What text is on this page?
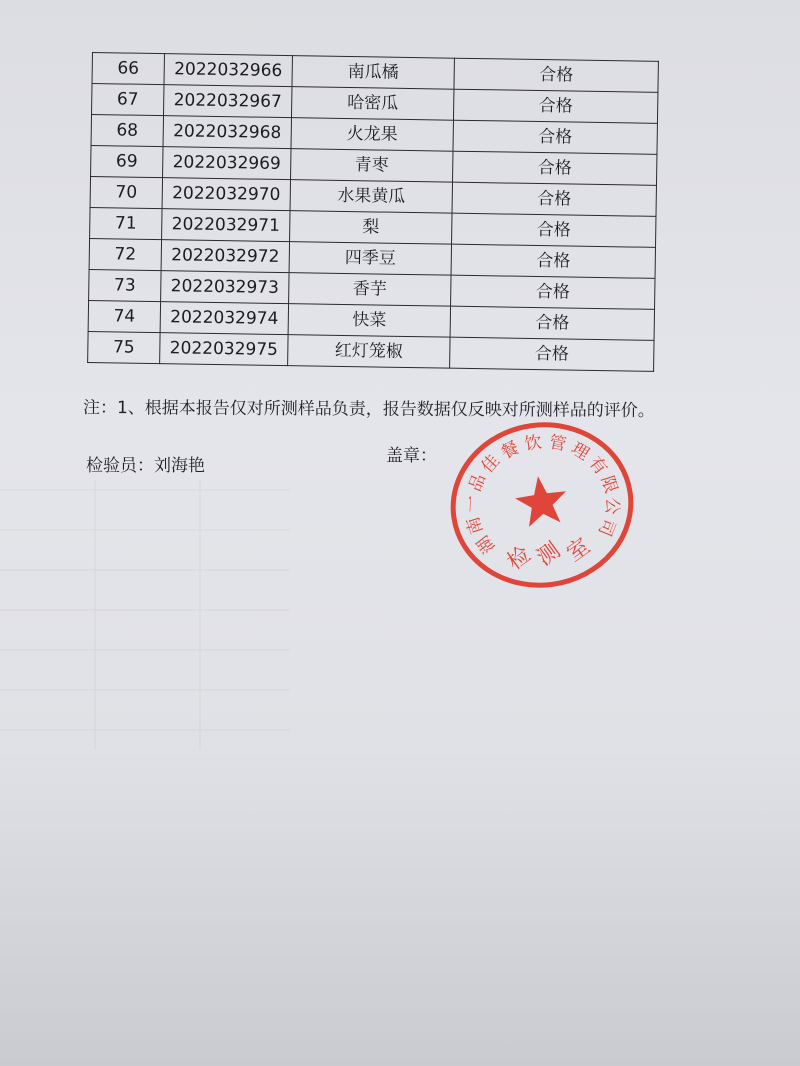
66	2022032966	南瓜橘	合格
67	2022032967	哈密瓜	合格
68	2022032968	火龙果	合格
69	2022032969	青枣	合格
70	2022032970	水果黄瓜	合格
71	2022032971	梨	合格
72	2022032972	四季豆	合格
73	2022032973	香芋	合格
74	2022032974	快菜	合格
75	2022032975	红灯笼椒	合格
注：1、根据本报告仅对所测样品负责，报告数据仅反映对所测样品的评价。
检验员：刘海艳	盖章：
湖
南
一
品
佳
餐 饮 管 理
有
限
公
司
检
测
室
